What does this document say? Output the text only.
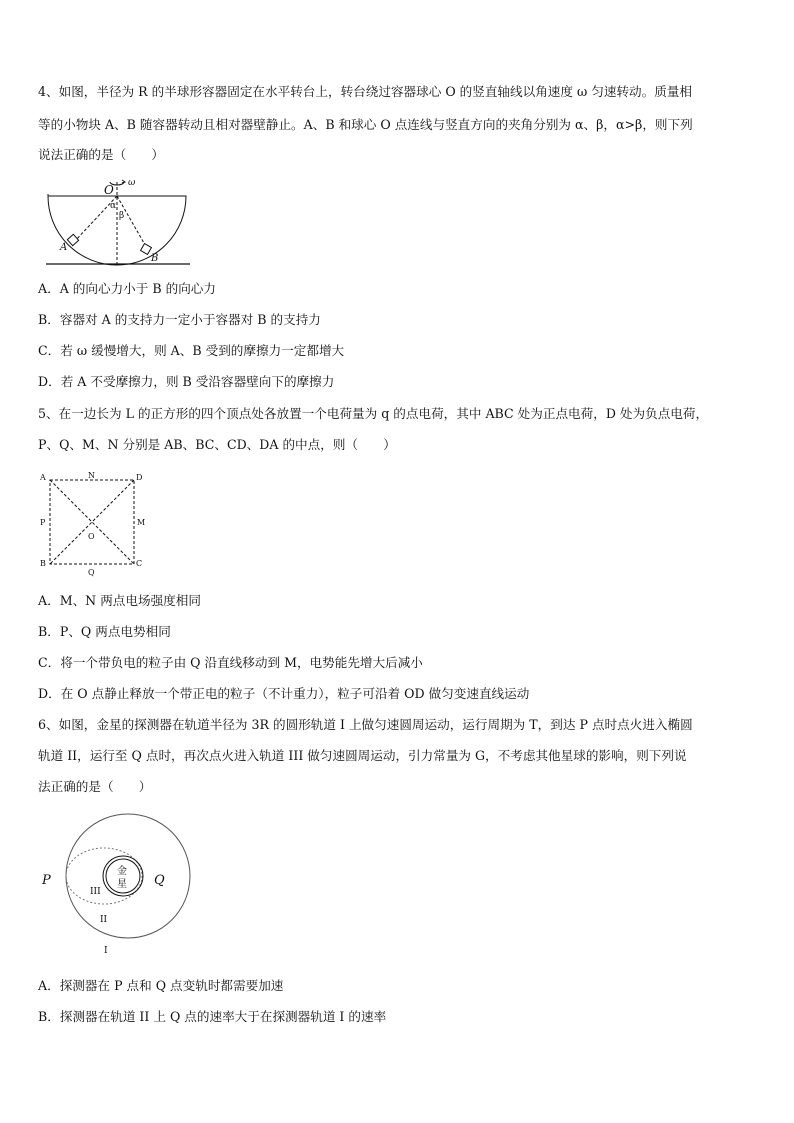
4、如图，半径为 R 的半球形容器固定在水平转台上，转台绕过容器球心 O 的竖直轴线以角速度 ω 匀速转动。质量相
等的小物块 A、B 随容器转动且相对器壁静止。A、B 和球心 O 点连线与竖直方向的夹角分别为 α、β，α>β，则下列
说法正确的是（　　）
O ω
α
β
A
B
A．A 的向心力小于 B 的向心力
B．容器对 A 的支持力一定小于容器对 B 的支持力
C．若 ω 缓慢增大，则 A、B 受到的摩擦力一定都增大
D．若 A 不受摩擦力，则 B 受沿容器壁向下的摩擦力
5、在一边长为 L 的正方形的四个顶点处各放置一个电荷量为 q 的点电荷，其中 ABC 处为正点电荷，D 处为负点电荷，
P、Q、M、N 分别是 AB、BC、CD、DA 的中点，则（　　）
A	N	D
P
O
M
B
Q
C
A．M、N 两点电场强度相同
B．P、Q 两点电势相同
C．将一个带负电的粒子由 Q 沿直线移动到 M，电势能先增大后减小
D．在 O 点静止释放一个带正电的粒子（不计重力），粒子可沿着 OD 做匀变速直线运动
6、如图，金星的探测器在轨道半径为 3R 的圆形轨道 I 上做匀速圆周运动，运行周期为 T，到达 P 点时点火进入椭圆
轨道 II，运行至 Q 点时，再次点火进入轨道 III 做匀速圆周运动，引力常量为 G，不考虑其他星球的影响，则下列说
法正确的是（　　）
P	Q
金
星
III
II
I
A．探测器在 P 点和 Q 点变轨时都需要加速
B．探测器在轨道 II 上 Q 点的速率大于在探测器轨道 I 的速率
